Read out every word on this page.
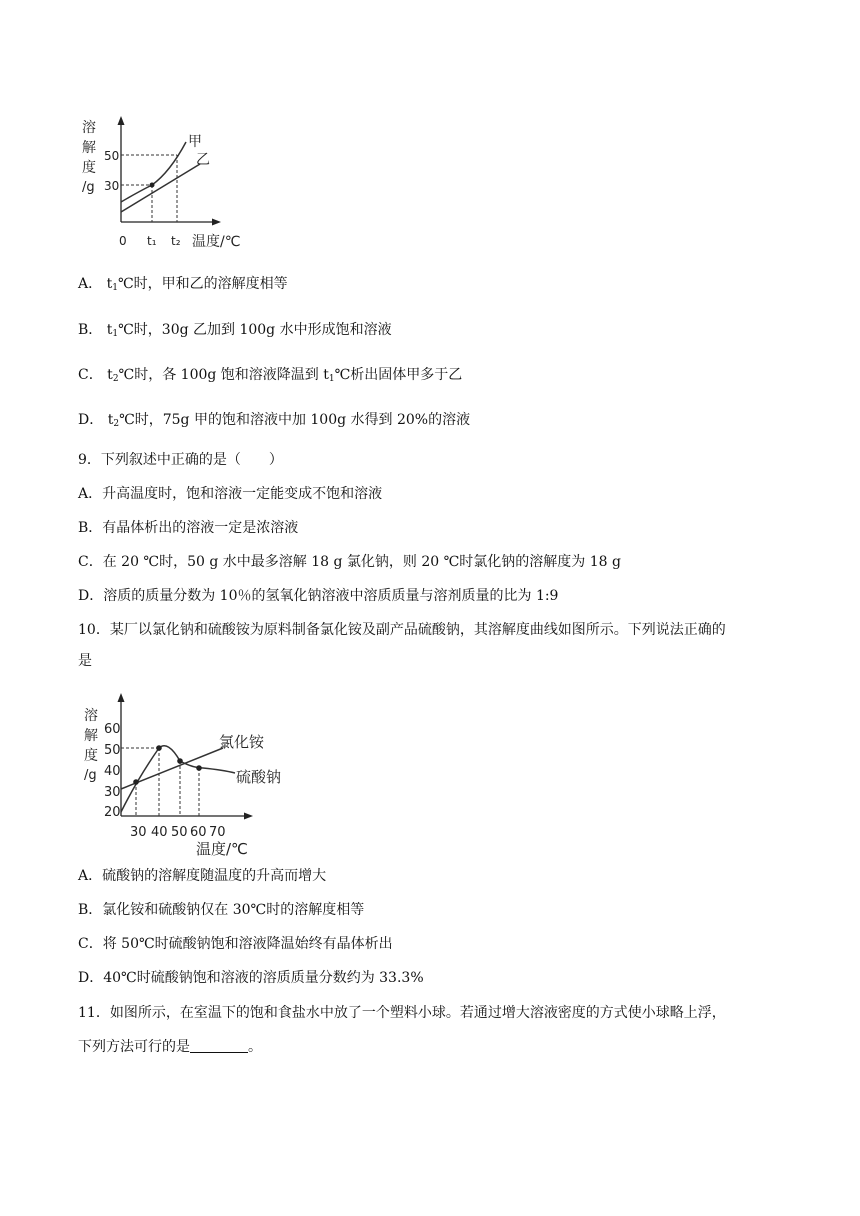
溶
解
度
/g
50
30
甲
乙
0 t₁ t₂ 温度/℃
A． $t_1℃$时，甲和乙的溶解度相等
B． $t_1℃$时，30g 乙加到 100g 水中形成饱和溶液
C． $t_2℃$时，各 100g 饱和溶液降温到 $t_1℃$析出固体甲多于乙
D． $t_2℃$时，75g 甲的饱和溶液中加 100g 水得到 20%的溶液
9．下列叙述中正确的是（　　）
A．升高温度时，饱和溶液一定能变成不饱和溶液
B．有晶体析出的溶液一定是浓溶液
C．在 20 ℃时，50 g 水中最多溶解 18 g 氯化钠，则 20 ℃时氯化钠的溶解度为 18 g
D．溶质的质量分数为 10％的氢氧化钠溶液中溶质质量与溶剂质量的比为 1:9
10．某厂以氯化钠和硫酸铵为原料制备氯化铵及副产品硫酸钠，其溶解度曲线如图所示。下列说法正确的
是
溶
解
度
/g
60
50
40
30
20
氯化铵
硫酸钠
30 40 50 60 70
温度/℃
A．硫酸钠的溶解度随温度的升高而增大
B．氯化铵和硫酸钠仅在 30℃时的溶解度相等
C．将 50℃时硫酸钠饱和溶液降温始终有晶体析出
D．40℃时硫酸钠饱和溶液的溶质质量分数约为 33.3%
11．如图所示，在室温下的饱和食盐水中放了一个塑料小球。若通过增大溶液密度的方式使小球略上浮，
下列方法可行的是	。
